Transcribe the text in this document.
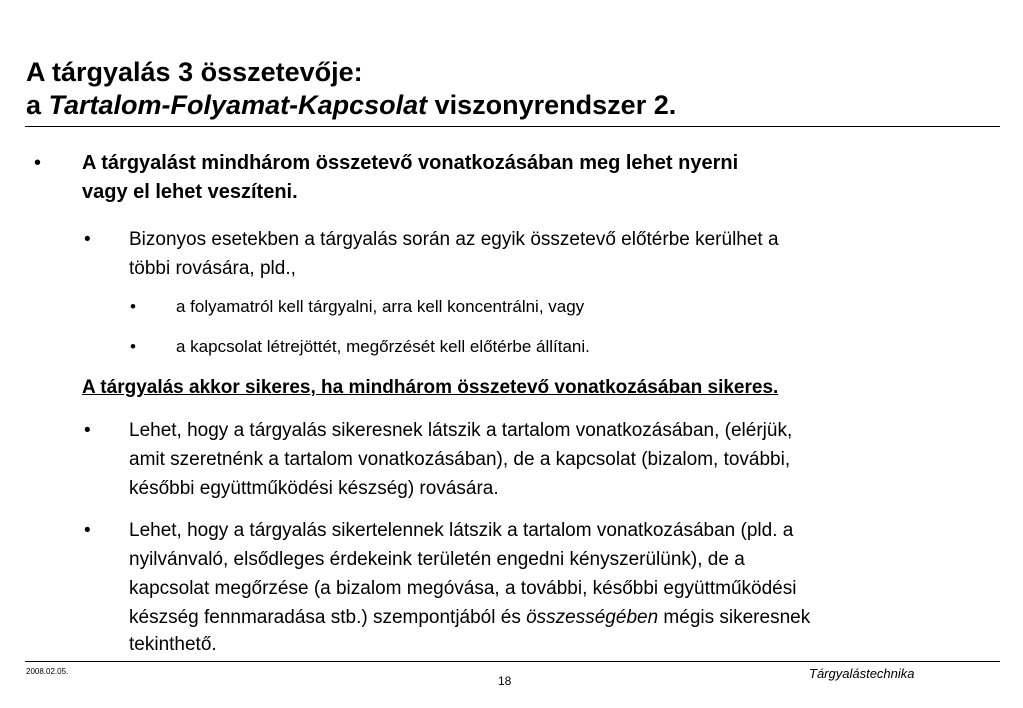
A tárgyalás 3 összetevője:
a Tartalom-Folyamat-Kapcsolat viszonyrendszer 2.
• A tárgyalást mindhárom összetevő vonatkozásában meg lehet nyerni
vagy el lehet veszíteni.
• Bizonyos esetekben a tárgyalás során az egyik összetevő előtérbe kerülhet a
többi rovására, pld.,
• a folyamatról kell tárgyalni, arra kell koncentrálni, vagy
• a kapcsolat létrejöttét, megőrzését kell előtérbe állítani.
A tárgyalás akkor sikeres, ha mindhárom összetevő vonatkozásában sikeres.
• Lehet, hogy a tárgyalás sikeresnek látszik a tartalom vonatkozásában, (elérjük,
amit szeretnénk a tartalom vonatkozásában), de a kapcsolat (bizalom, további,
későbbi együttműködési készség) rovására.
• Lehet, hogy a tárgyalás sikertelennek látszik a tartalom vonatkozásában (pld. a
nyilvánvaló, elsődleges érdekeink területén engedni kényszerülünk), de a
kapcsolat megőrzése (a bizalom megóvása, a további, későbbi együttműködési
készség fennmaradása stb.) szempontjából és összességében mégis sikeresnek
tekinthető.
2008.02.05.
18	Tárgyalástechnika
